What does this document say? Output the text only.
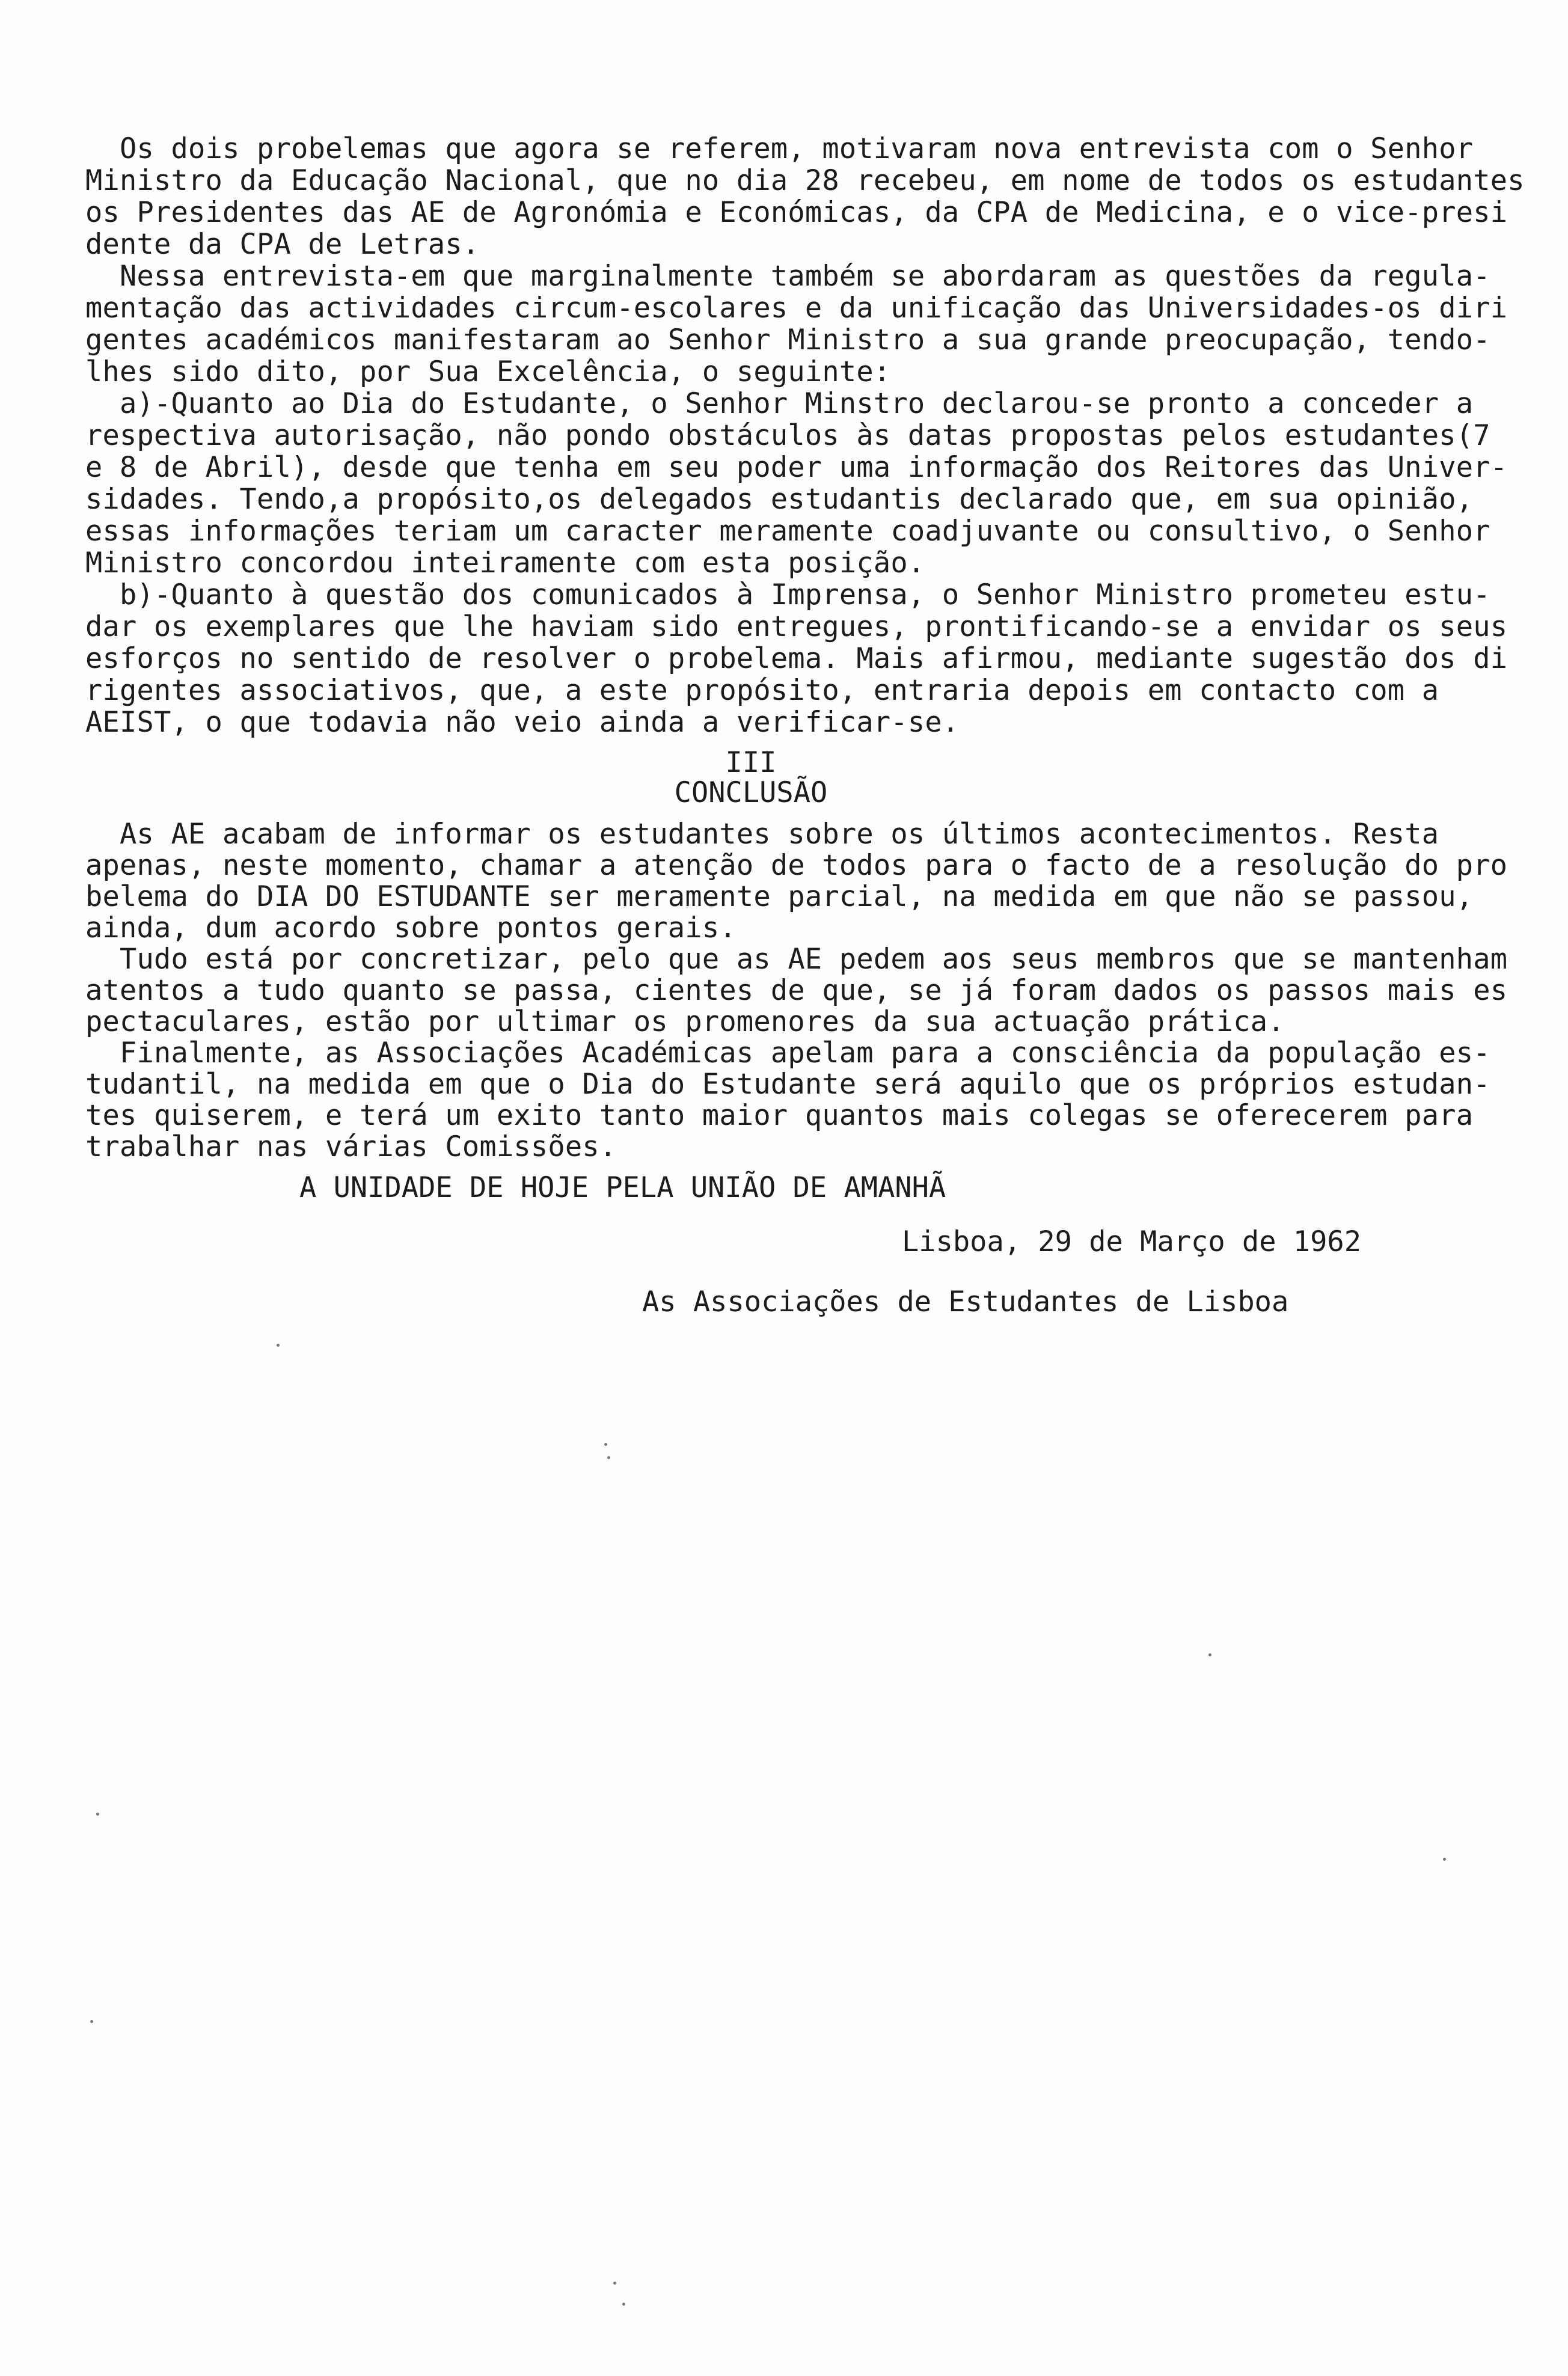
Os dois probelemas que agora se referem, motivaram nova entrevista com o Senhor
Ministro da Educação Nacional, que no dia 28 recebeu, em nome de todos os estudantes
os Presidentes das AE de Agronómia e Económicas, da CPA de Medicina, e o vice-presi
dente da CPA de Letras.
Nessa entrevista-em que marginalmente também se abordaram as questões da regula-
mentação das actividades circum-escolares e da unificação das Universidades-os diri
gentes académicos manifestaram ao Senhor Ministro a sua grande preocupação, tendo-
lhes sido dito, por Sua Excelência, o seguinte:
a)-Quanto ao Dia do Estudante, o Senhor Minstro declarou-se pronto a conceder a
respectiva autorisação, não pondo obstáculos às datas propostas pelos estudantes(7
e 8 de Abril), desde que tenha em seu poder uma informação dos Reitores das Univer-
sidades. Tendo,a propósito,os delegados estudantis declarado que, em sua opinião,
essas informações teriam um caracter meramente coadjuvante ou consultivo, o Senhor
Ministro concordou inteiramente com esta posição.
b)-Quanto à questão dos comunicados à Imprensa, o Senhor Ministro prometeu estu-
dar os exemplares que lhe haviam sido entregues, prontificando-se a envidar os seus
esforços no sentido de resolver o probelema. Mais afirmou, mediante sugestão dos di
rigentes associativos, que, a este propósito, entraria depois em contacto com a
AEIST, o que todavia não veio ainda a verificar-se.
III
CONCLUSÃO
As AE acabam de informar os estudantes sobre os últimos acontecimentos. Resta
apenas, neste momento, chamar a atenção de todos para o facto de a resolução do pro
belema do DIA DO ESTUDANTE ser meramente parcial, na medida em que não se passou,
ainda, dum acordo sobre pontos gerais.
Tudo está por concretizar, pelo que as AE pedem aos seus membros que se mantenham
atentos a tudo quanto se passa, cientes de que, se já foram dados os passos mais es
pectaculares, estão por ultimar os promenores da sua actuação prática.
Finalmente, as Associações Académicas apelam para a consciência da população es-
tudantil, na medida em que o Dia do Estudante será aquilo que os próprios estudan-
tes quiserem, e terá um exito tanto maior quantos mais colegas se oferecerem para
trabalhar nas várias Comissões.
A UNIDADE DE HOJE PELA UNIÃO DE AMANHÃ
Lisboa, 29 de Março de 1962
As Associações de Estudantes de Lisboa
